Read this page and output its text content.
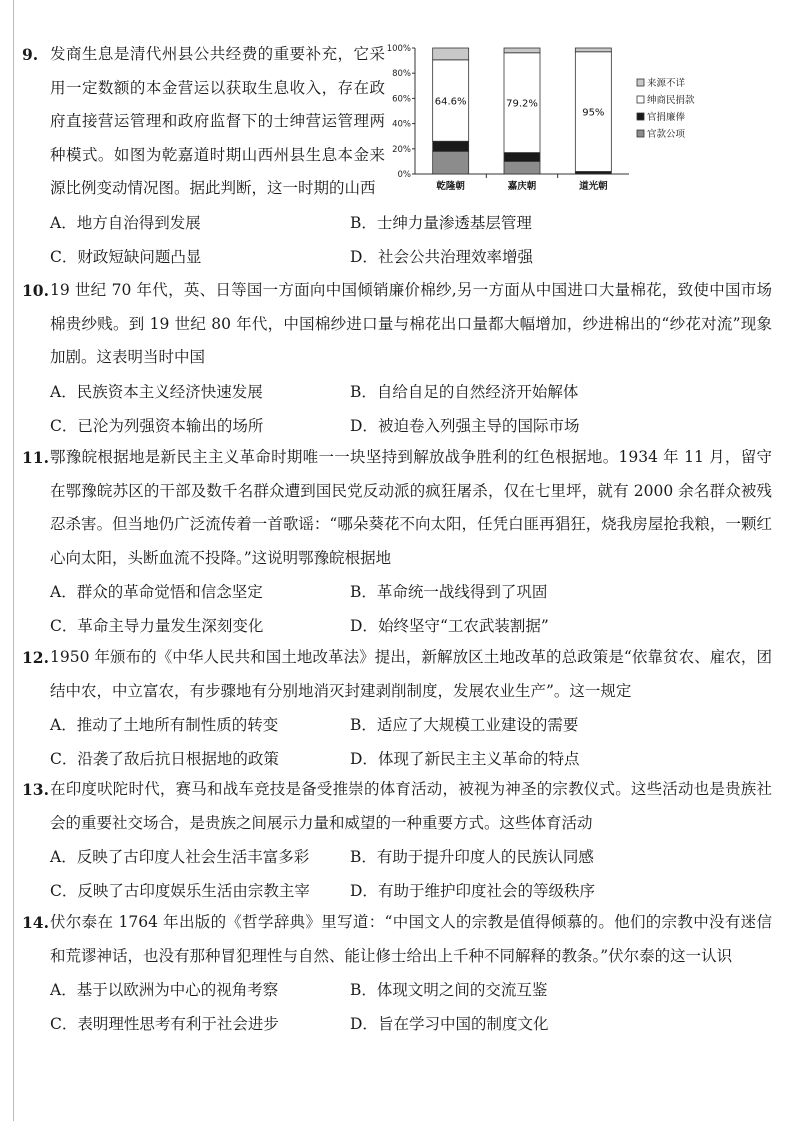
9. 发商生息是清代州县公共经费的重要补充，它采用一定数额的本金营运以获取生息收入，存在政府直接营运管理和政府监督下的士绅营运管理两种模式。如图为乾嘉道时期山西州县生息本金来源比例变动情况图。据此判断，这一时期的山西
A．地方自治得到发展	B．士绅力量渗透基层管理
C．财政短缺问题凸显	D．社会公共治理效率增强
0%
20%
40%
60%
80%
100%
64.6%
乾隆朝
79.2%
嘉庆朝
95%
道光朝
来源不详
绅商民捐款
官捐廉俸
官款公项
10. 19 世纪 70 年代，英、日等国一方面向中国倾销廉价棉纱,另一方面从中国进口大量棉花，致使中国市场棉贵纱贱。到 19 世纪 80 年代，中国棉纱进口量与棉花出口量都大幅增加，纱进棉出的“纱花对流”现象加剧。这表明当时中国
A．民族资本主义经济快速发展	B．自给自足的自然经济开始解体
C．已沦为列强资本输出的场所	D．被迫卷入列强主导的国际市场
11. 鄂豫皖根据地是新民主主义革命时期唯一一块坚持到解放战争胜利的红色根据地。1934 年 11 月，留守在鄂豫皖苏区的干部及数千名群众遭到国民党反动派的疯狂屠杀，仅在七里坪，就有 2000 余名群众被残忍杀害。但当地仍广泛流传着一首歌谣：“哪朵葵花不向太阳，任凭白匪再猖狂，烧我房屋抢我粮，一颗红心向太阳，头断血流不投降。”这说明鄂豫皖根据地
A．群众的革命觉悟和信念坚定	B．革命统一战线得到了巩固
C．革命主导力量发生深刻变化	D．始终坚守“工农武装割据”
12. 1950 年颁布的《中华人民共和国土地改革法》提出，新解放区土地改革的总政策是“依靠贫农、雇农，团结中农，中立富农，有步骤地有分别地消灭封建剥削制度，发展农业生产”。这一规定
A．推动了土地所有制性质的转变	B．适应了大规模工业建设的需要
C．沿袭了敌后抗日根据地的政策	D．体现了新民主主义革命的特点
13. 在印度吠陀时代，赛马和战车竞技是备受推崇的体育活动，被视为神圣的宗教仪式。这些活动也是贵族社会的重要社交场合，是贵族之间展示力量和威望的一种重要方式。这些体育活动
A．反映了古印度人社会生活丰富多彩	B．有助于提升印度人的民族认同感
C．反映了古印度娱乐生活由宗教主宰	D．有助于维护印度社会的等级秩序
14. 伏尔泰在 1764 年出版的《哲学辞典》里写道：“中国文人的宗教是值得倾慕的。他们的宗教中没有迷信和荒谬神话，也没有那种冒犯理性与自然、能让修士给出上千种不同解释的教条。”伏尔泰的这一认识
A．基于以欧洲为中心的视角考察	B．体现文明之间的交流互鉴
C．表明理性思考有利于社会进步	D．旨在学习中国的制度文化
